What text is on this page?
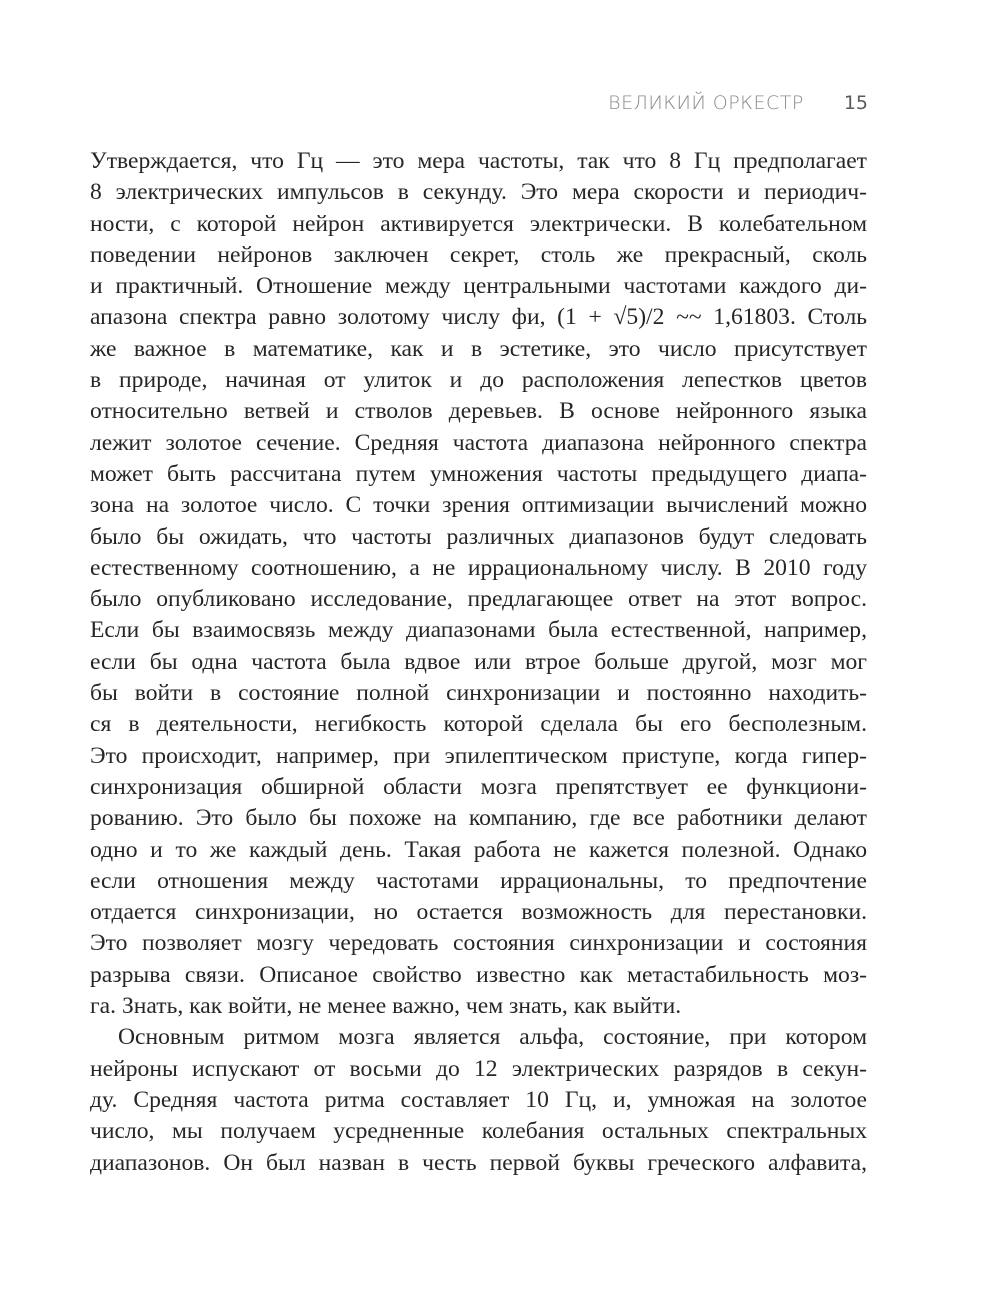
ВЕЛИКИЙ ОРКЕСТР 15

Утверждается, что Гц — это мера частоты, так что 8 Гц предполагает
8 электрических импульсов в секунду. Это мера скорости и периодич-
ности, с которой нейрон активируется электрически. В колебательном
поведении нейронов заключен секрет, столь же прекрасный, сколь
и практичный. Отношение между центральными частотами каждого ди-
апазона спектра равно золотому числу фи, (1 + √5)/2 ~~ 1,61803. Столь
же важное в математике, как и в эстетике, это число присутствует
в природе, начиная от улиток и до расположения лепестков цветов
относительно ветвей и стволов деревьев. В основе нейронного языка
лежит золотое сечение. Средняя частота диапазона нейронного спектра
может быть рассчитана путем умножения частоты предыдущего диапа-
зона на золотое число. С точки зрения оптимизации вычислений можно
было бы ожидать, что частоты различных диапазонов будут следовать
естественному соотношению, а не иррациональному числу. В 2010 году
было опубликовано исследование, предлагающее ответ на этот вопрос.
Если бы взаимосвязь между диапазонами была естественной, например,
если бы одна частота была вдвое или втрое больше другой, мозг мог
бы войти в состояние полной синхронизации и постоянно находить-
ся в деятельности, негибкость которой сделала бы его бесполезным.
Это происходит, например, при эпилептическом приступе, когда гипер-
синхронизация обширной области мозга препятствует ее функциони-
рованию. Это было бы похоже на компанию, где все работники делают
одно и то же каждый день. Такая работа не кажется полезной. Однако
если отношения между частотами иррациональны, то предпочтение
отдается синхронизации, но остается возможность для перестановки.
Это позволяет мозгу чередовать состояния синхронизации и состояния
разрыва связи. Описаное свойство известно как метастабильность моз-
га. Знать, как войти, не менее важно, чем знать, как выйти.

Основным ритмом мозга является альфа, состояние, при котором
нейроны испускают от восьми до 12 электрических разрядов в секун-
ду. Средняя частота ритма составляет 10 Гц, и, умножая на золотое
число, мы получаем усредненные колебания остальных спектральных
диапазонов. Он был назван в честь первой буквы греческого алфавита,
